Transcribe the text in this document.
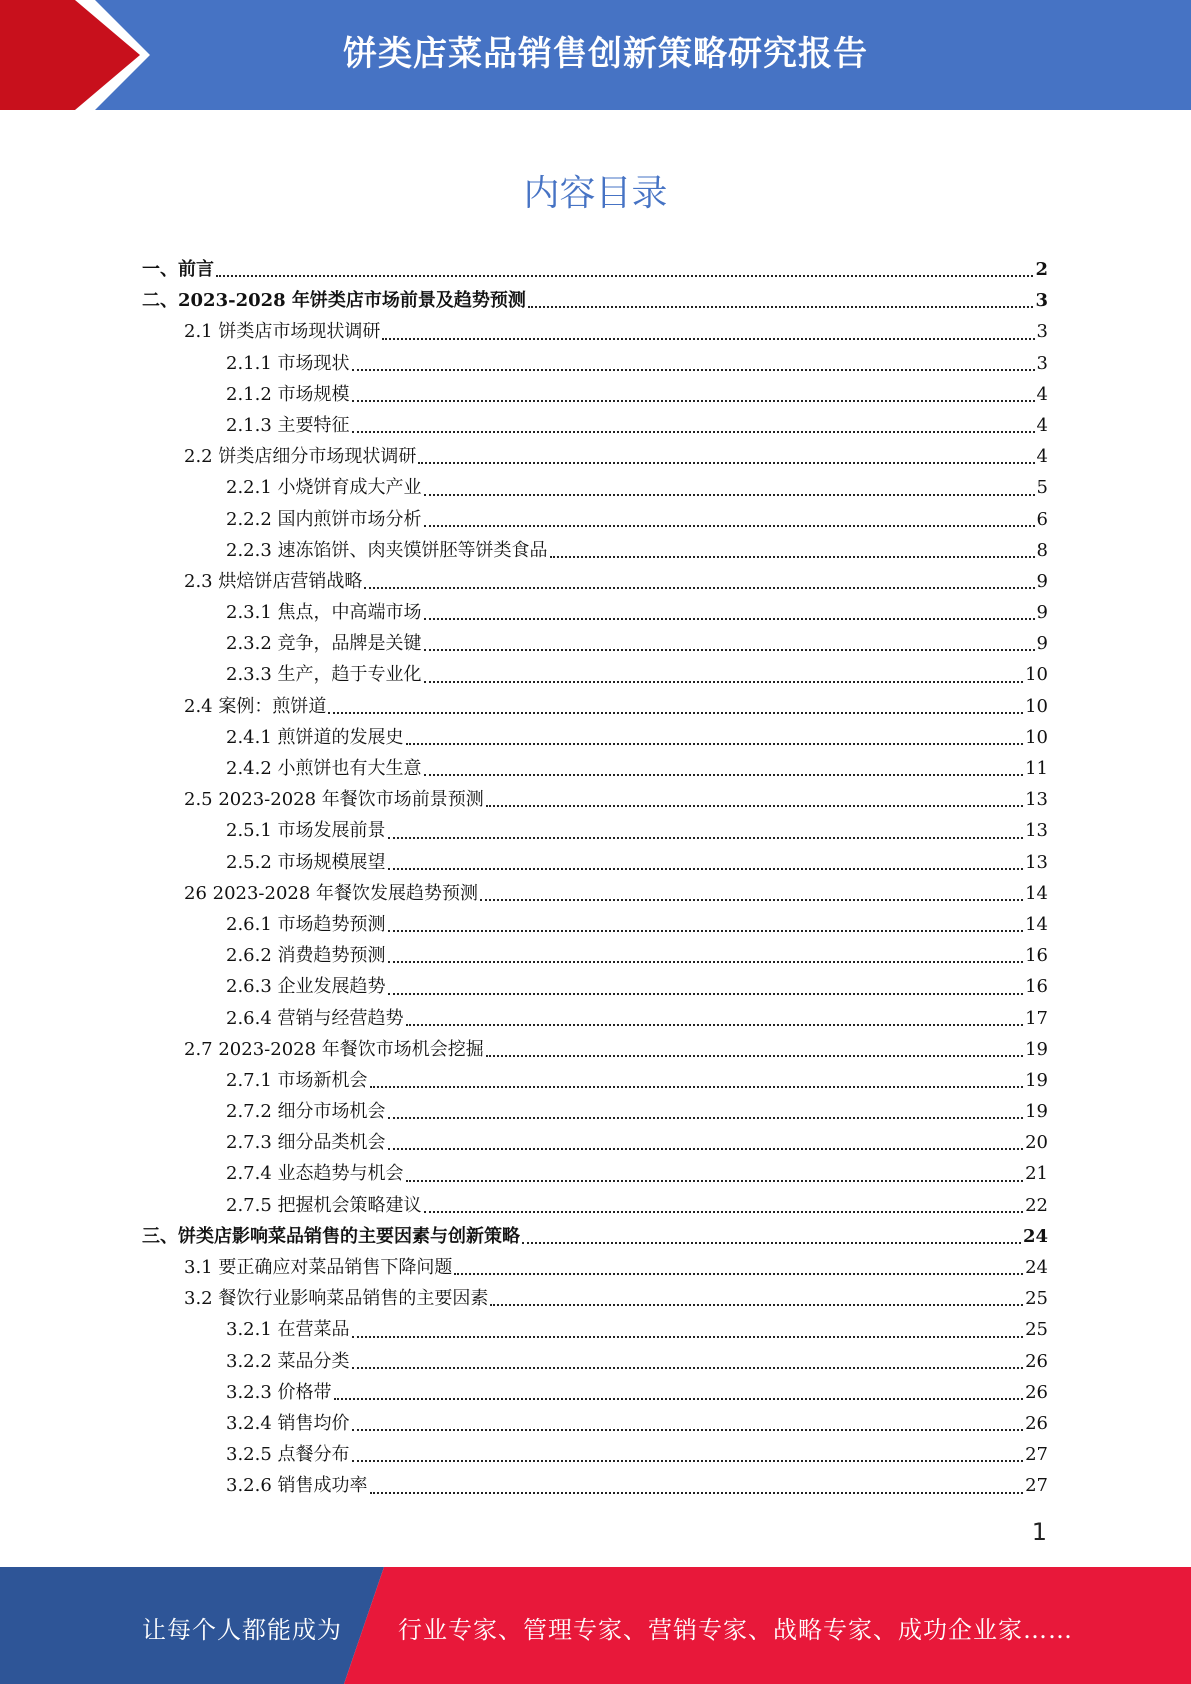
饼类店菜品销售创新策略研究报告
内容目录
一、前言	2
二、2023-2028 年饼类店市场前景及趋势预测	3
2.1 饼类店市场现状调研	3
2.1.1 市场现状	3
2.1.2 市场规模	4
2.1.3 主要特征	4
2.2 饼类店细分市场现状调研	4
2.2.1 小烧饼育成大产业	5
2.2.2 国内煎饼市场分析	6
2.2.3 速冻馅饼、肉夹馍饼胚等饼类食品	8
2.3 烘焙饼店营销战略	9
2.3.1 焦点，中高端市场	9
2.3.2 竞争，品牌是关键	9
2.3.3 生产，趋于专业化	10
2.4 案例：煎饼道	10
2.4.1 煎饼道的发展史	10
2.4.2 小煎饼也有大生意	11
2.5 2023-2028 年餐饮市场前景预测	13
2.5.1 市场发展前景	13
2.5.2 市场规模展望	13
26 2023-2028 年餐饮发展趋势预测	14
2.6.1 市场趋势预测	14
2.6.2 消费趋势预测	16
2.6.3 企业发展趋势	16
2.6.4 营销与经营趋势	17
2.7 2023-2028 年餐饮市场机会挖掘	19
2.7.1 市场新机会	19
2.7.2 细分市场机会	19
2.7.3 细分品类机会	20
2.7.4 业态趋势与机会	21
2.7.5 把握机会策略建议	22
三、饼类店影响菜品销售的主要因素与创新策略	24
3.1 要正确应对菜品销售下降问题	24
3.2 餐饮行业影响菜品销售的主要因素	25
3.2.1 在营菜品	25
3.2.2 菜品分类	26
3.2.3 价格带	26
3.2.4 销售均价	26
3.2.5 点餐分布	27
3.2.6 销售成功率	27
1
让每个人都能成为 行业专家、管理专家、营销专家、战略专家、成功企业家……
